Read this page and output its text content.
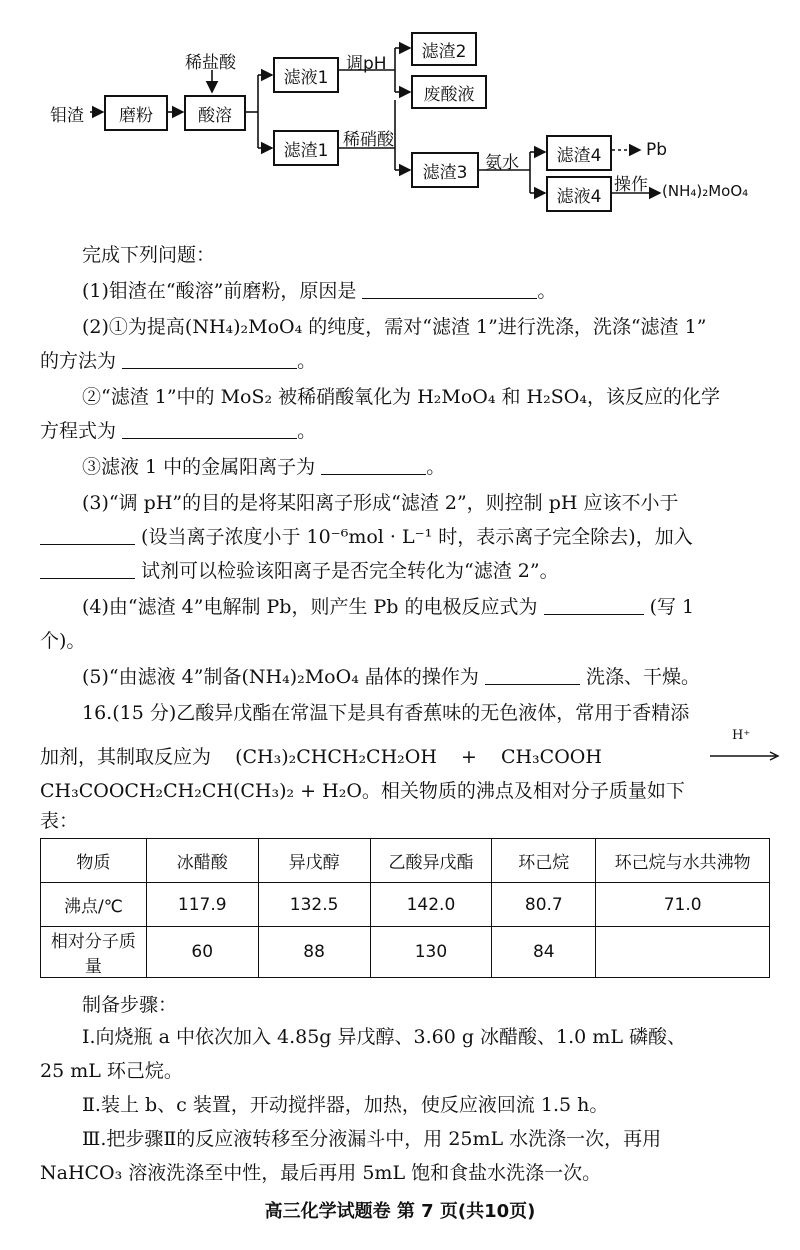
钼渣	磨粉
稀盐酸
酸溶
滤液1
滤渣1
调pH
滤渣2
废酸液
稀硝酸
滤渣3	氨水	滤渣4
滤液4
Pb
操作 (NH₄)₂MoO₄
完成下列问题：
(1)钼渣在“酸溶”前磨粉，原因是	。
(2)①为提高(NH₄)₂MoO₄ 的纯度，需对“滤渣 1”进行洗涤，洗涤“滤渣 1”
的方法为	。
②“滤渣 1”中的 MoS₂ 被稀硝酸氧化为 H₂MoO₄ 和 H₂SO₄，该反应的化学
方程式为	。
③滤液 1 中的金属阳离子为	。
(3)“调 pH”的目的是将某阳离子形成“滤渣 2”，则控制 pH 应该不小于
(设当离子浓度小于 10⁻⁶mol · L⁻¹ 时，表示离子完全除去)，加入
试剂可以检验该阳离子是否完全转化为“滤渣 2”。
(4)由“滤渣 4”电解制 Pb，则产生 Pb 的电极反应式为	(写 1
个)。
(5)“由滤液 4”制备(NH₄)₂MoO₄ 晶体的操作为	洗涤、干燥。
16.(15 分)乙酸异戊酯在常温下是具有香蕉味的无色液体，常用于香精添
加剂，其制取反应为 (CH₃)₂CHCH₂CH₂OH + CH₃COOH
H⁺
CH₃COOCH₂CH₂CH(CH₃)₂ + H₂O。相关物质的沸点及相对分子质量如下
表：
物质	冰醋酸	异戊醇	乙酸异戊酯	环己烷	环己烷与水共沸物
沸点/℃	117.9	132.5	142.0	80.7	71.0
相对分子质量	60	88	130	84	
制备步骤：
Ⅰ.向烧瓶 a 中依次加入 4.85g 异戊醇、3.60 g 冰醋酸、1.0 mL 磷酸、
25 mL 环己烷。
Ⅱ.装上 b、c 装置，开动搅拌器，加热，使反应液回流 1.5 h。
Ⅲ.把步骤Ⅱ的反应液转移至分液漏斗中，用 25mL 水洗涤一次，再用
NaHCO₃ 溶液洗涤至中性，最后再用 5mL 饱和食盐水洗涤一次。
高三化学试题卷 第 7 页(共10页)
